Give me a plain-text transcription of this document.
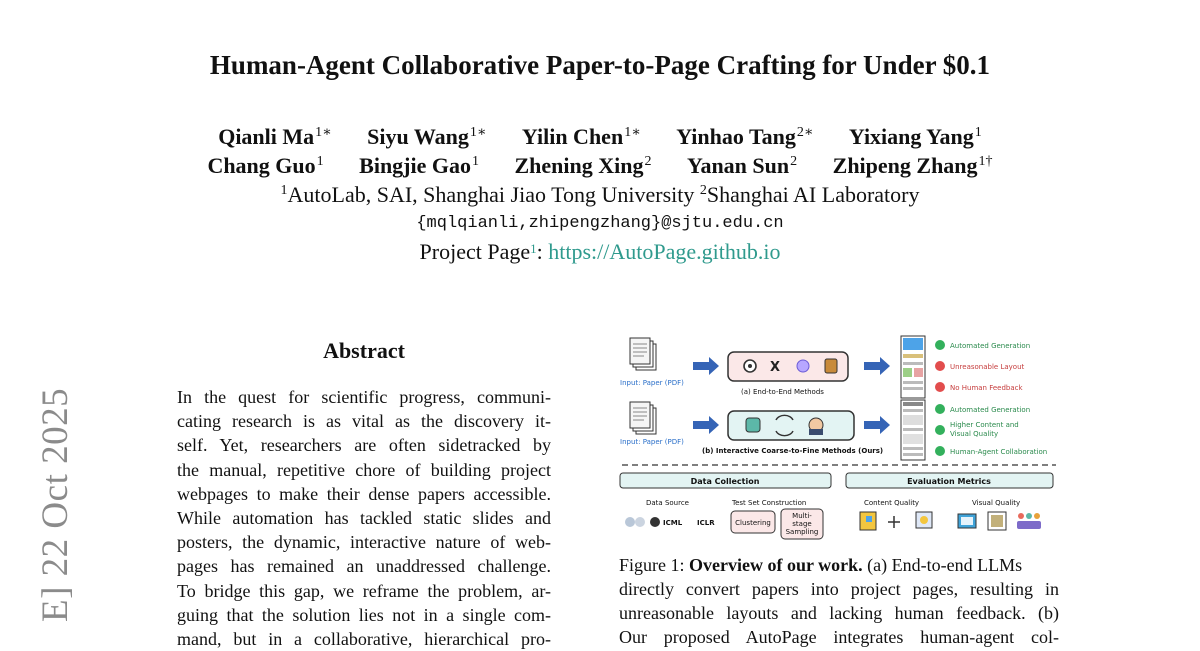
E] 22 Oct 2025
Human-Agent Collaborative Paper-to-Page Crafting for Under $0.1
Qianli $Ma^{1∗}$ Siyu Wang$^{1∗}$ Yilin Chen$^{1∗}$ Yinhao Tang$^{2∗}$ Yixiang Yang$^1$
Chang Guo$^1$ Bingjie Gao$^1$ Zhening Xing$^2$ Yanan Sun$^2$ Zhipeng Zhang$^{1\dagger}$
$^1$AutoLab, SAI, Shanghai Jiao Tong University $^2$Shanghai AI Laboratory
{mqlqianli,zhipengzhang}@sjtu.edu.cn
Project Page$^1$: https://AutoPage.github.io
Abstract
In the quest for scientific progress, communi-
cating research is as vital as the discovery it-
self. Yet, researchers are often sidetracked by
the manual, repetitive chore of building project
webpages to make their dense papers accessible.
While automation has tackled static slides and
posters, the dynamic, interactive nature of web-
pages has remained an unaddressed challenge.
To bridge this gap, we reframe the problem, ar-
guing that the solution lies not in a single com-
mand, but in a collaborative, hierarchical pro-
Input: Paper (PDF)
X
(a) End-to-End Methods
Automated Generation
Unreasonable Layout
No Human Feedback
Input: Paper (PDF)
(b) Interactive Coarse-to-Fine Methods (Ours)
Automated Generation
Higher Content and
Visual Quality
Human-Agent Collaboration
Data Collection	Evaluation Metrics
Data Source
ICML ICLR
Test Set Construction
Clustering
Multi-
stage
Sampling
Content Quality	Visual Quality
Figure 1: Overview of our work. (a) End-to-end LLMs
directly convert papers into project pages, resulting in
unreasonable layouts and lacking human feedback. (b)
Our proposed AutoPage integrates human-agent col-
